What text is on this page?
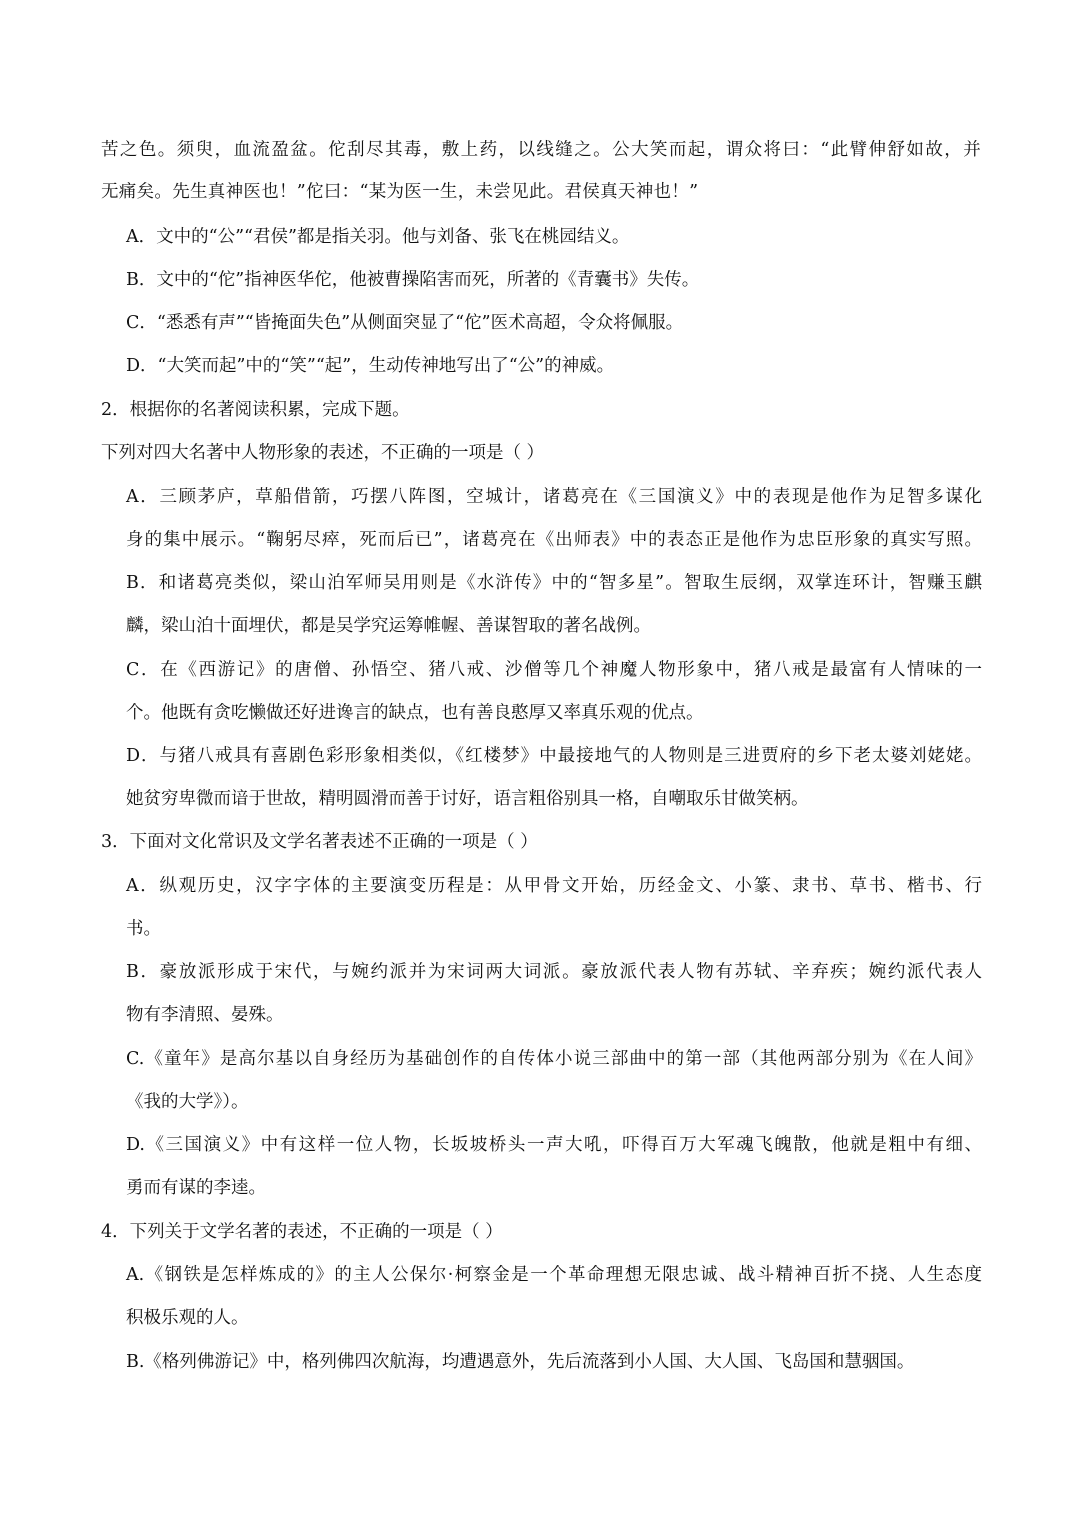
苦之色。须臾，血流盈盆。佗刮尽其毒，敷上药，以线缝之。公大笑而起，谓众将曰：“此臂伸舒如故，并
无痛矣。先生真神医也！”佗曰：“某为医一生，未尝见此。君侯真天神也！”
A．文中的“公”“君侯”都是指关羽。他与刘备、张飞在桃园结义。
B．文中的“佗”指神医华佗，他被曹操陷害而死，所著的《青囊书》失传。
C．“悉悉有声”“皆掩面失色”从侧面突显了“佗”医术高超，令众将佩服。
D．“大笑而起”中的“笑”“起”，生动传神地写出了“公”的神威。
2．根据你的名著阅读积累，完成下题。
下列对四大名著中人物形象的表述，不正确的一项是（ ）
A．三顾茅庐，草船借箭，巧摆八阵图，空城计，诸葛亮在《三国演义》中的表现是他作为足智多谋化
身的集中展示。“鞠躬尽瘁，死而后已”，诸葛亮在《出师表》中的表态正是他作为忠臣形象的真实写照。
B．和诸葛亮类似，梁山泊军师吴用则是《水浒传》中的“智多星”。智取生辰纲，双掌连环计，智赚玉麒
麟，梁山泊十面埋伏，都是吴学究运筹帷幄、善谋智取的著名战例。
C．在《西游记》的唐僧、孙悟空、猪八戒、沙僧等几个神魔人物形象中，猪八戒是最富有人情味的一
个。他既有贪吃懒做还好进谗言的缺点，也有善良憨厚又率真乐观的优点。
D．与猪八戒具有喜剧色彩形象相类似，《红楼梦》中最接地气的人物则是三进贾府的乡下老太婆刘姥姥。
她贫穷卑微而谙于世故，精明圆滑而善于讨好，语言粗俗别具一格，自嘲取乐甘做笑柄。
3．下面对文化常识及文学名著表述不正确的一项是（ ）
A．纵观历史，汉字字体的主要演变历程是：从甲骨文开始，历经金文、小篆、隶书、草书、楷书、行
书。
B．豪放派形成于宋代，与婉约派并为宋词两大词派。豪放派代表人物有苏轼、辛弃疾；婉约派代表人
物有李清照、晏殊。
C.《童年》是高尔基以自身经历为基础创作的自传体小说三部曲中的第一部（其他两部分别为《在人间》
《我的大学》）。
D.《三国演义》中有这样一位人物，长坂坡桥头一声大吼，吓得百万大军魂飞魄散，他就是粗中有细、
勇而有谋的李逵。
4．下列关于文学名著的表述，不正确的一项是（ ）
A.《钢铁是怎样炼成的》的主人公保尔·柯察金是一个革命理想无限忠诚、战斗精神百折不挠、人生态度
积极乐观的人。
B.《格列佛游记》中，格列佛四次航海，均遭遇意外，先后流落到小人国、大人国、飞岛国和慧骃国。
